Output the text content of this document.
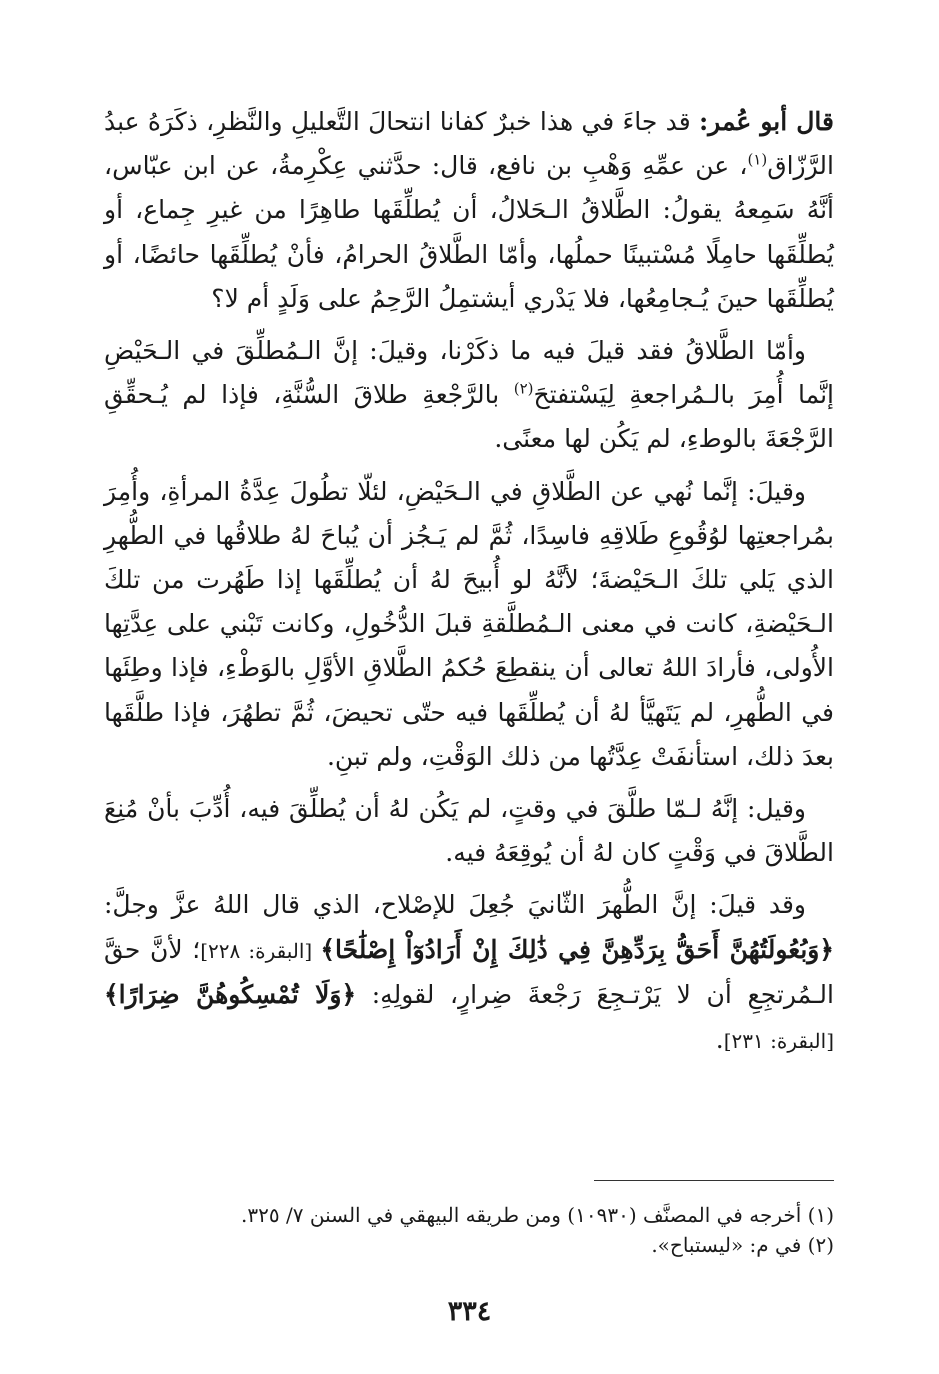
قال أبو عُمر: قد جاءَ في هذا خبرٌ كفانا انتحالَ التَّعليلِ والنَّظرِ، ذكَرَهُ عبدُ الرَّزّاق$^{(١)}$، عن عمِّهِ وَهْبِ بن نافع، قال: حدَّثني عِكْرِمةُ، عن ابن عبّاس، أنَّهُ سَمِعهُ يقولُ: الطَّلاقُ الـحَلالُ، أن يُطلِّقَها طاهِرًا من غيرِ جِماع، أو يُطلِّقَها حامِلًا مُسْتبينًا حملُها، وأمّا الطَّلاقُ الحرامُ، فأنْ يُطلِّقَها حائضًا، أو يُطلِّقَها حينَ يُـجامِعُها، فلا يَدْري أيشتمِلُ الرَّحِمُ على وَلَدٍ أم لا؟

وأمّا الطَّلاقُ فقد قيلَ فيه ما ذكَرْنا، وقيلَ: إنَّ الـمُطلِّقَ في الـحَيْضِ إنَّما أُمِرَ بالـمُراجعةِ لِيَسْتفتحَ$^{(٢)}$ بالرَّجْعةِ طلاقَ السُّنَّةِ، فإذا لم يُـحقِّقِ الرَّجْعَةَ بالوطءِ، لم يَكُن لها معنًى.

وقيلَ: إنَّما نُهي عن الطَّلاقِ في الـحَيْضِ، لئلّا تطُولَ عِدَّةُ المرأةِ، وأُمِرَ بمُراجعتِها لوُقُوعِ طَلاقِهِ فاسِدًا، ثُمَّ لم يَـجُز أن يُباحَ لهُ طلاقُها في الطُّهرِ الذي يَلي تلكَ الـحَيْضةَ؛ لأنَّهُ لو أُبيحَ لهُ أن يُطلِّقَها إذا طَهُرت من تلكَ الـحَيْضةِ، كانت في معنى الـمُطلَّقةِ قبلَ الدُّخُولِ، وكانت تَبْني على عِدَّتِها الأُولى، فأرادَ اللهُ تعالى أن ينقطِعَ حُكمُ الطَّلاقِ الأوَّلِ بالوَطْءِ، فإذا وطِئَها في الطُّهرِ، لم يَتَهيَّأ لهُ أن يُطلِّقَها فيه حتّى تحيضَ، ثُمَّ تطهُرَ، فإذا طلَّقَها بعدَ ذلك، استأنفَتْ عِدَّتُها من ذلك الوَقْتِ، ولم تبنِ.

وقيل: إنَّهُ لـمّا طلَّقَ في وقتٍ، لم يَكُن لهُ أن يُطلِّقَ فيه، أُدِّبَ بأنْ مُنِعَ الطَّلاقَ في وَقْتٍ كان لهُ أن يُوقِعَهُ فيه.

وقد قيلَ: إنَّ الطُّهرَ الثّانيَ جُعِلَ للإصْلاح، الذي قال اللهُ عزَّ وجلَّ: ﴿وَبُعُولَتُهُنَّ أَحَقُّ بِرَدِّهِنَّ فِي ذَٰلِكَ إِنْ أَرَادُوٓاْ إِصْلَٰحًا﴾ [البقرة: ٢٢٨]؛ لأنَّ حقَّ الـمُرتجِعِ أن لا يَرْتـجِعَ رَجْعةَ ضِرارٍ، لقولِهِ: ﴿وَلَا تُمْسِكُوهُنَّ ضِرَارًا﴾ [البقرة: ٢٣١].

(١) أخرجه في المصنَّف (١٠٩٣٠) ومن طريقه البيهقي في السنن ٧/ ٣٢٥.

(٢) في م: «ليستباح».

٣٣٤
